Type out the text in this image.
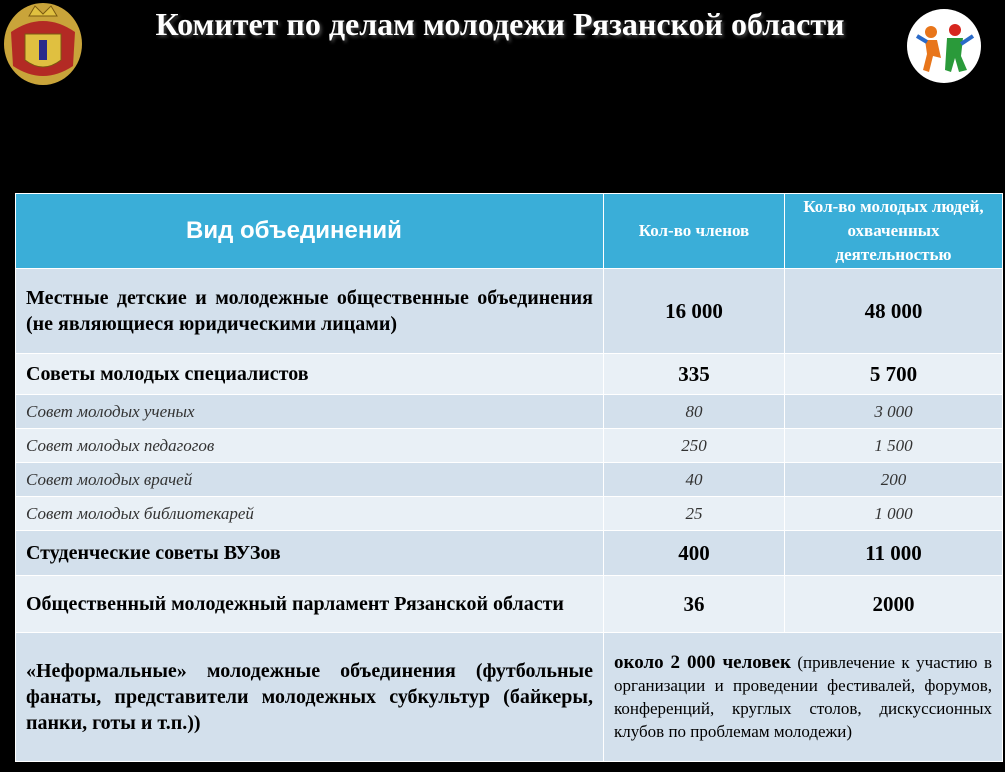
Комитет по делам молодежи Рязанской области
Вид объединений	Кол-во членов	Кол-во молодых людей, охваченных деятельностью
Местные детские и молодежные общественные объединения (не являющиеся юридическими лицами)	16 000	48 000
Советы молодых специалистов	335	5 700
Совет молодых ученых	80	3 000
Совет молодых педагогов	250	1 500
Совет молодых врачей	40	200
Совет молодых библиотекарей	25	1 000
Студенческие советы ВУЗов	400	11 000
Общественный молодежный парламент Рязанской области	36	2000
«Неформальные» молодежные объединения (футбольные фанаты, представители молодежных субкультур (байкеры, панки, готы и т.п.))	около 2 000 человек (привлечение к участию в организации и проведении фестивалей, форумов, конференций, круглых столов, дискуссионных клубов по проблемам молодежи)	
